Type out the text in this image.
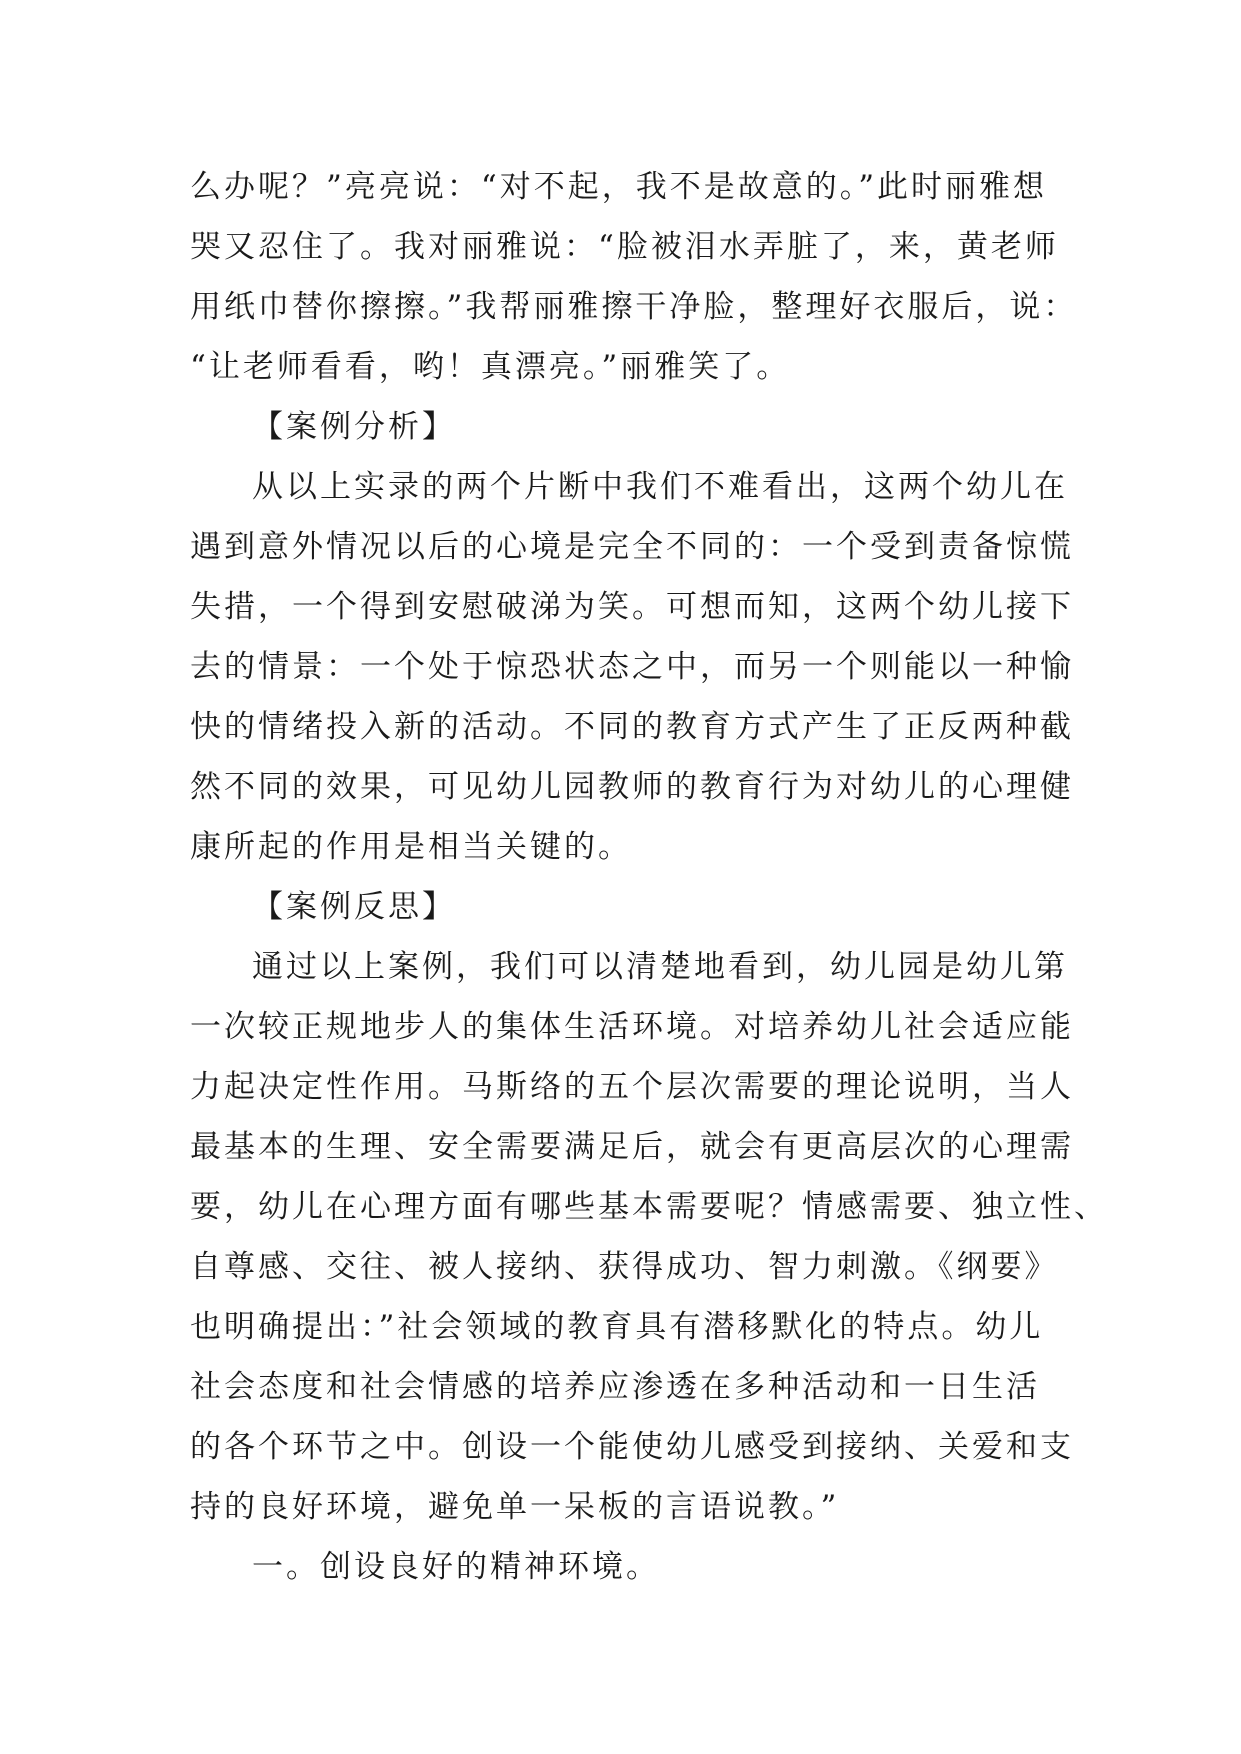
么办呢？”亮亮说：“对不起，我不是故意的。”此时丽雅想
哭又忍住了。我对丽雅说：“脸被泪水弄脏了，来，黄老师
用纸巾替你擦擦。”我帮丽雅擦干净脸，整理好衣服后，说：
“让老师看看，哟！真漂亮。”丽雅笑了。
【案例分析】
从以上实录的两个片断中我们不难看出，这两个幼儿在
遇到意外情况以后的心境是完全不同的：一个受到责备惊慌
失措，一个得到安慰破涕为笑。可想而知，这两个幼儿接下
去的情景：一个处于惊恐状态之中，而另一个则能以一种愉
快的情绪投入新的活动。不同的教育方式产生了正反两种截
然不同的效果，可见幼儿园教师的教育行为对幼儿的心理健
康所起的作用是相当关键的。
【案例反思】
通过以上案例，我们可以清楚地看到，幼儿园是幼儿第
一次较正规地步人的集体生活环境。对培养幼儿社会适应能
力起决定性作用。马斯络的五个层次需要的理论说明，当人
最基本的生理、安全需要满足后，就会有更高层次的心理需
要，幼儿在心理方面有哪些基本需要呢？情感需要、独立性、
自尊感、交往、被人接纳、获得成功、智力刺激。《纲要》
也明确提出：”社会领域的教育具有潜移默化的特点。幼儿
社会态度和社会情感的培养应渗透在多种活动和一日生活
的各个环节之中。创设一个能使幼儿感受到接纳、关爱和支
持的良好环境，避免单一呆板的言语说教。”
一。创设良好的精神环境。
